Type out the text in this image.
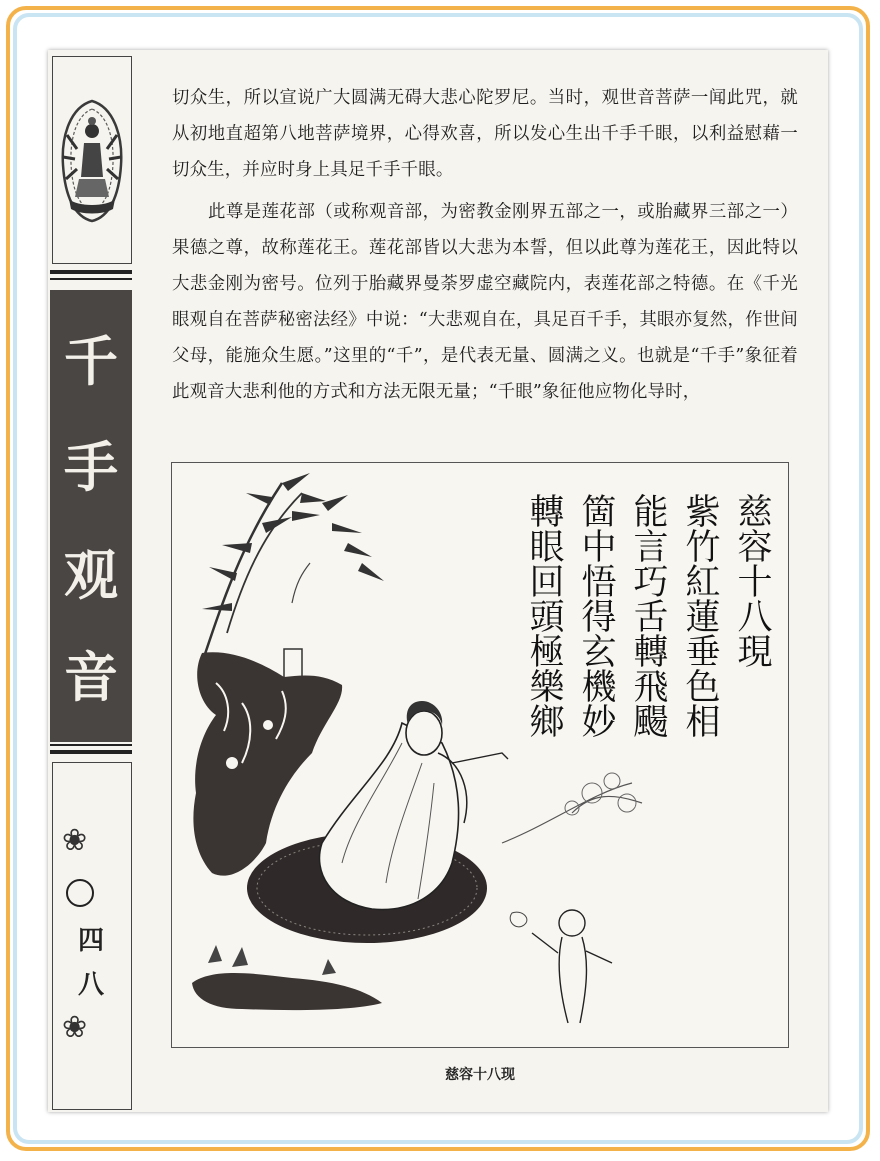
千
手
观
音
❀
四
八
❀

切众生，所以宣说广大圆满无碍大悲心陀罗尼。当时，观世音菩萨一闻此咒，就从初地直超第八地菩萨境界，心得欢喜，所以发心生出千手千眼，以利益慰藉一切众生，并应时身上具足千手千眼。

此尊是莲花部（或称观音部，为密教金刚界五部之一，或胎藏界三部之一）果德之尊，故称莲花王。莲花部皆以大悲为本誓，但以此尊为莲花王，因此特以大悲金刚为密号。位列于胎藏界曼荼罗虚空藏院内，表莲花部之特德。在《千光眼观自在菩萨秘密法经》中说：“大悲观自在，具足百千手，其眼亦复然，作世间父母，能施众生愿。”这里的“千”，是代表无量、圆满之义。也就是“千手”象征着此观音大悲利他的方式和方法无限无量；“千眼”象征他应物化导时，

慈容十八現
紫竹紅蓮垂色相
能言巧舌轉飛颺
箇中悟得玄機妙
轉眼回頭極樂鄉
慈容十八现
